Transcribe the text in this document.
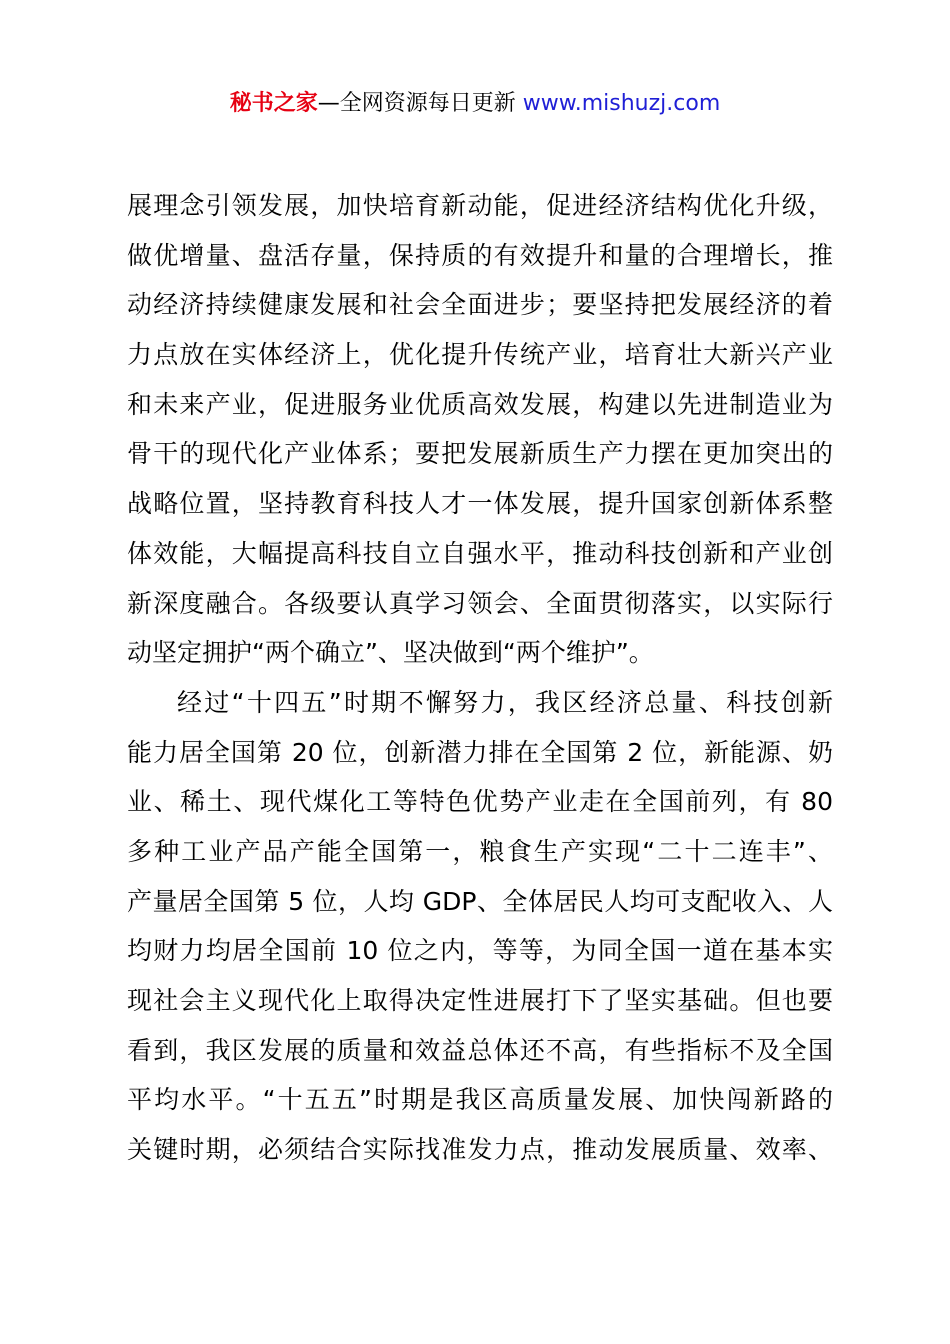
秘书之家—全网资源每日更新 www.mishuzj.com
展理念引领发展，加快培育新动能，促进经济结构优化升级，
做优增量、盘活存量，保持质的有效提升和量的合理增长，推
动经济持续健康发展和社会全面进步；要坚持把发展经济的着
力点放在实体经济上，优化提升传统产业，培育壮大新兴产业
和未来产业，促进服务业优质高效发展，构建以先进制造业为
骨干的现代化产业体系；要把发展新质生产力摆在更加突出的
战略位置，坚持教育科技人才一体发展，提升国家创新体系整
体效能，大幅提高科技自立自强水平，推动科技创新和产业创
新深度融合。各级要认真学习领会、全面贯彻落实，以实际行
动坚定拥护“两个确立”、坚决做到“两个维护”。
经过“十四五”时期不懈努力，我区经济总量、科技创新
能力居全国第 20 位，创新潜力排在全国第 2 位，新能源、奶
业、稀土、现代煤化工等特色优势产业走在全国前列，有 80
多种工业产品产能全国第一，粮食生产实现“二十二连丰”、
产量居全国第 5 位，人均 GDP、全体居民人均可支配收入、人
均财力均居全国前 10 位之内，等等，为同全国一道在基本实
现社会主义现代化上取得决定性进展打下了坚实基础。但也要
看到，我区发展的质量和效益总体还不高，有些指标不及全国
平均水平。“十五五”时期是我区高质量发展、加快闯新路的
关键时期，必须结合实际找准发力点，推动发展质量、效率、
